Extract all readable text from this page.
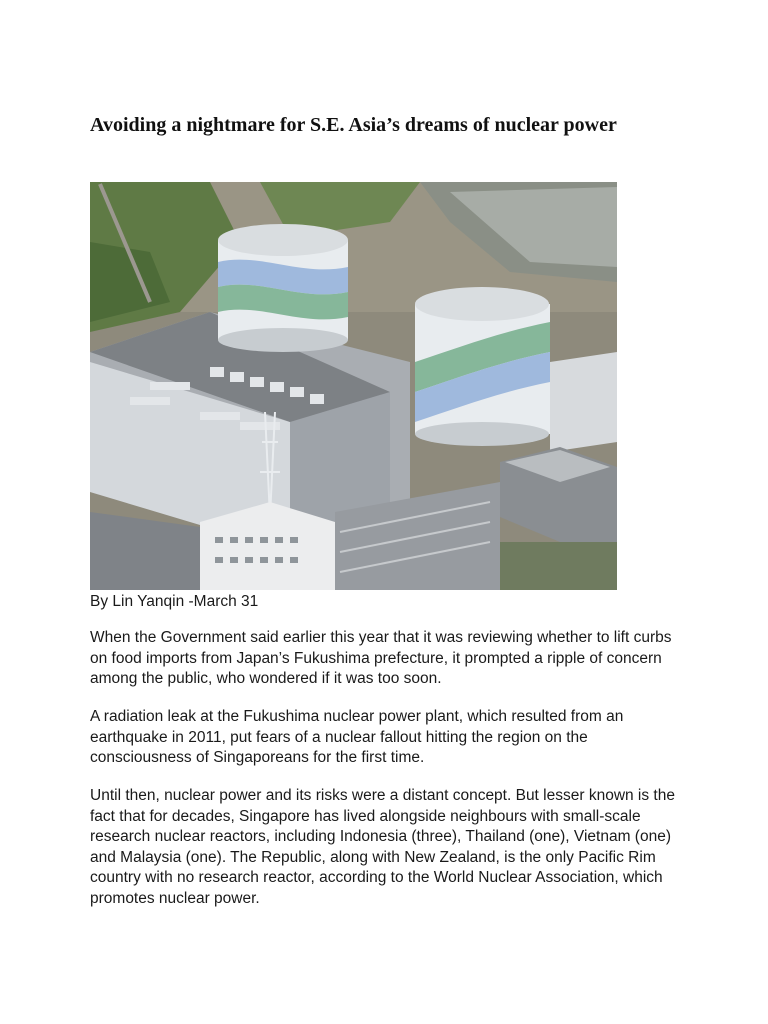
Avoiding a nightmare for S.E. Asia’s dreams of nuclear power

By Lin Yanqin -March 31

When the Government said earlier this year that it was reviewing whether to lift curbs on food imports from Japan’s Fukushima prefecture, it prompted a ripple of concern among the public, who wondered if it was too soon.

A radiation leak at the Fukushima nuclear power plant, which resulted from an earthquake in 2011, put fears of a nuclear fallout hitting the region on the consciousness of Singaporeans for the first time.

Until then, nuclear power and its risks were a distant concept. But lesser known is the fact that for decades, Singapore has lived alongside neighbours with small-scale research nuclear reactors, including Indonesia (three), Thailand (one), Vietnam (one) and Malaysia (one). The Republic, along with New Zealand, is the only Pacific Rim country with no research reactor, according to the World Nuclear Association, which promotes nuclear power.
